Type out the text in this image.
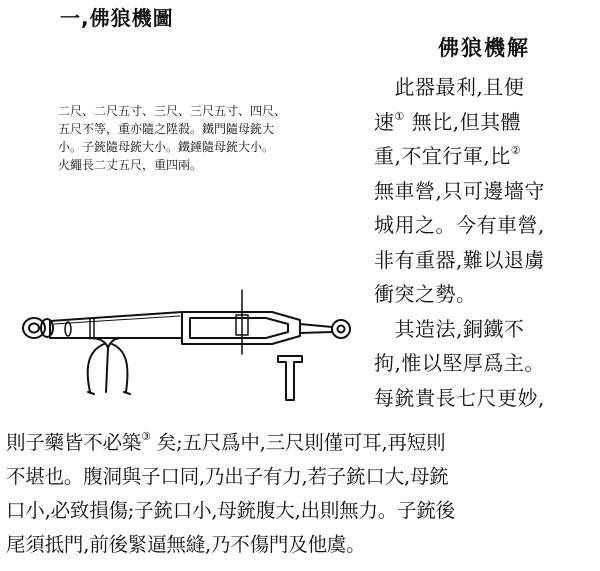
一,佛狼機圖
二尺、二尺五寸、三尺、三尺五寸、四尺、
五尺不等，重亦隨之陞殺。鐵門隨母銃大
小。子銃隨母銃大小。鐵錘隨母銃大小。
火繩長二丈五尺，重四兩。
佛狼機解
　此器最利,且便
速① 無比,但其體
重,不宜行軍,比②
無車營,只可邊墻守
城用之。今有車營,
非有重器,難以退虜
衝突之勢。
　其造法,銅鐵不
拘,惟以堅厚爲主。
每銃貴長七尺更妙,
則子藥皆不必築③ 矣;五尺爲中,三尺則僅可耳,再短則
不堪也。腹洞與子口同,乃出子有力,若子銃口大,母銃
口小,必致損傷;子銃口小,母銃腹大,出則無力。子銃後
尾須抵門,前後緊逼無縫,乃不傷門及他虞。
